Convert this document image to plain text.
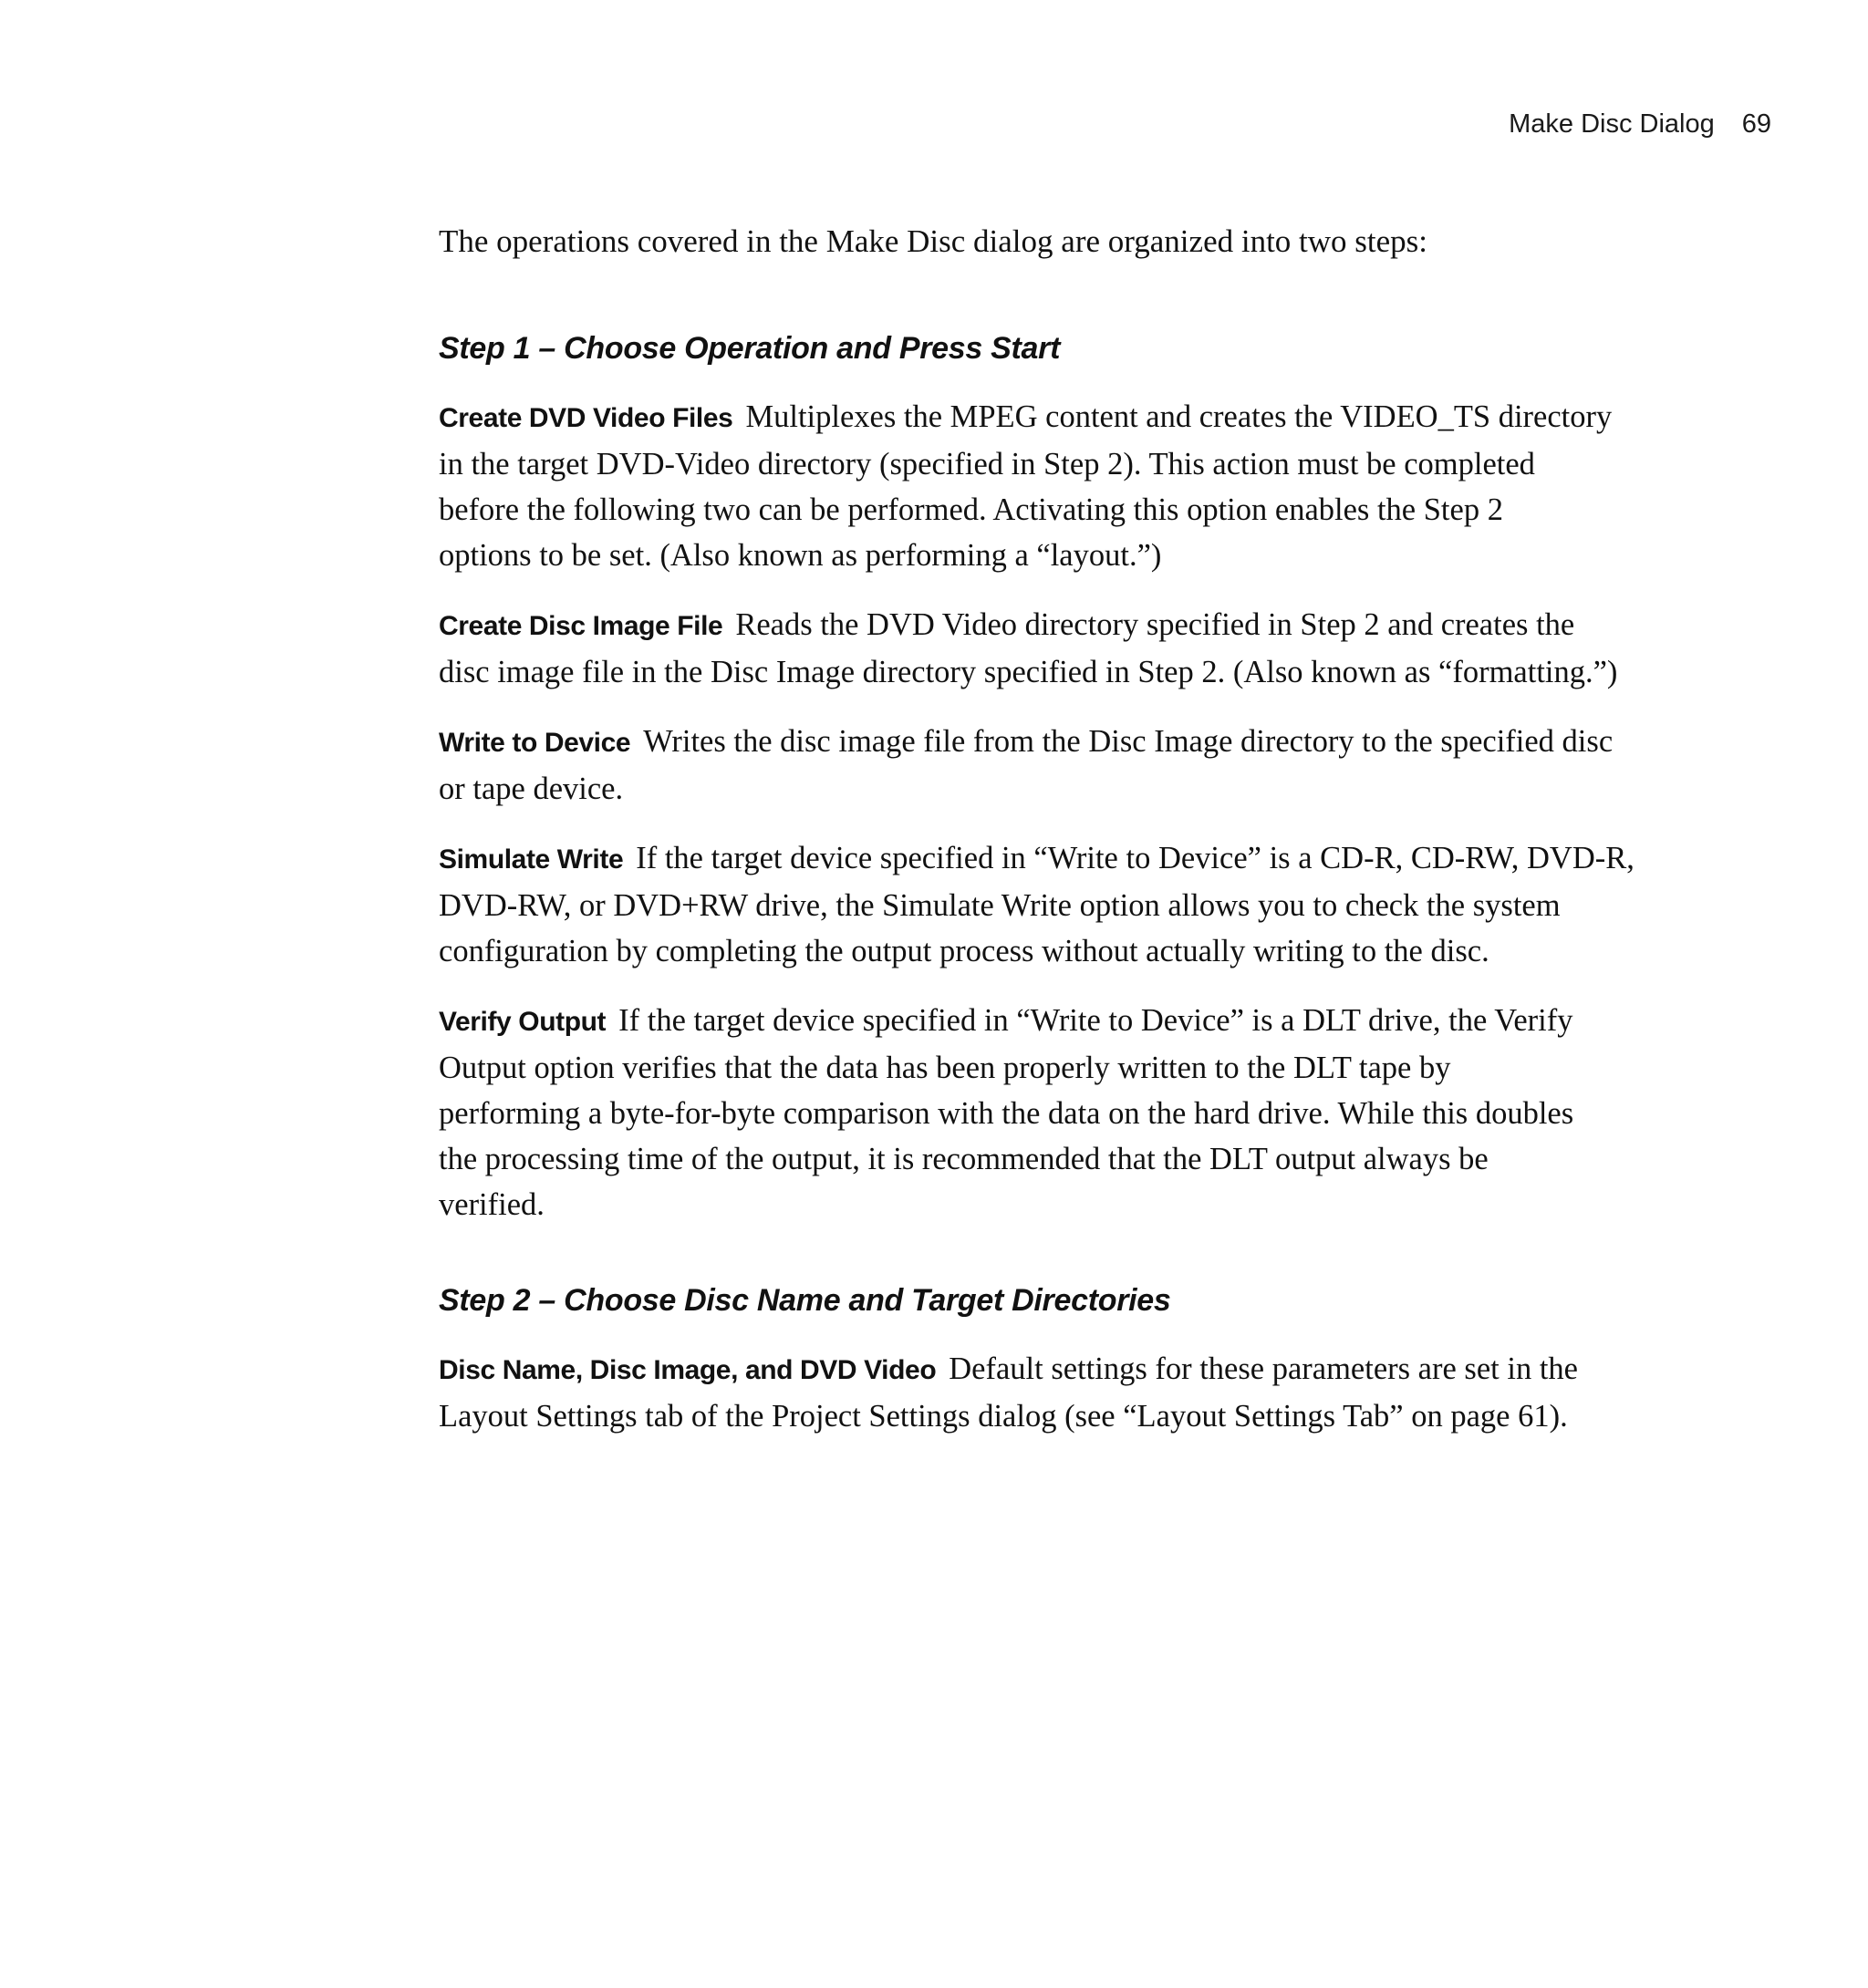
Make Disc Dialog 69

The operations covered in the Make Disc dialog are organized into two steps:

Step 1 – Choose Operation and Press Start

Create DVD Video Files Multiplexes the MPEG content and creates the VIDEO_TS directory
in the target DVD-Video directory (specified in Step 2). This action must be completed
before the following two can be performed. Activating this option enables the Step 2
options to be set. (Also known as performing a “layout.”)

Create Disc Image File Reads the DVD Video directory specified in Step 2 and creates the
disc image file in the Disc Image directory specified in Step 2. (Also known as “formatting.”)

Write to Device Writes the disc image file from the Disc Image directory to the specified disc
or tape device.

Simulate Write If the target device specified in “Write to Device” is a CD-R, CD-RW, DVD-R,
DVD-RW, or DVD+RW drive, the Simulate Write option allows you to check the system
configuration by completing the output process without actually writing to the disc.

Verify Output If the target device specified in “Write to Device” is a DLT drive, the Verify
Output option verifies that the data has been properly written to the DLT tape by
performing a byte-for-byte comparison with the data on the hard drive. While this doubles
the processing time of the output, it is recommended that the DLT output always be
verified.

Step 2 – Choose Disc Name and Target Directories

Disc Name, Disc Image, and DVD Video Default settings for these parameters are set in the
Layout Settings tab of the Project Settings dialog (see “Layout Settings Tab” on page 61).
